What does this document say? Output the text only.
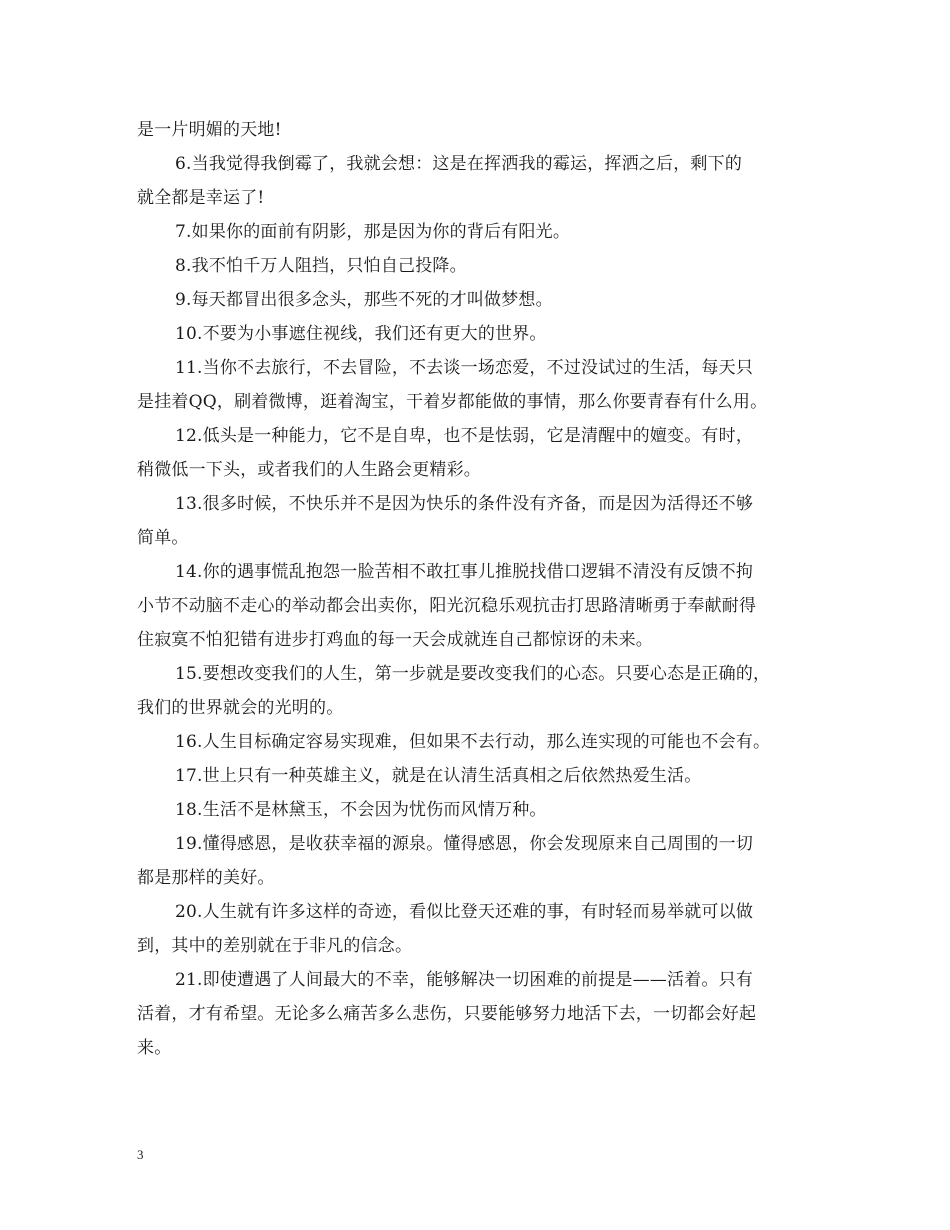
是一片明媚的天地!
6.当我觉得我倒霉了，我就会想：这是在挥洒我的霉运，挥洒之后，剩下的
就全都是幸运了!
7.如果你的面前有阴影，那是因为你的背后有阳光。
8.我不怕千万人阻挡，只怕自己投降。
9.每天都冒出很多念头，那些不死的才叫做梦想。
10.不要为小事遮住视线，我们还有更大的世界。
11.当你不去旅行，不去冒险，不去谈一场恋爱，不过没试过的生活，每天只
是挂着QQ，刷着微博，逛着淘宝，干着岁都能做的事情，那么你要青春有什么用。
12.低头是一种能力，它不是自卑，也不是怯弱，它是清醒中的嬗变。有时，
稍微低一下头，或者我们的人生路会更精彩。
13.很多时候，不快乐并不是因为快乐的条件没有齐备，而是因为活得还不够
简单。
14.你的遇事慌乱抱怨一脸苦相不敢扛事儿推脱找借口逻辑不清没有反馈不拘
小节不动脑不走心的举动都会出卖你，阳光沉稳乐观抗击打思路清晰勇于奉献耐得
住寂寞不怕犯错有进步打鸡血的每一天会成就连自己都惊讶的未来。
15.要想改变我们的人生，第一步就是要改变我们的心态。只要心态是正确的，
我们的世界就会的光明的。
16.人生目标确定容易实现难，但如果不去行动，那么连实现的可能也不会有。
17.世上只有一种英雄主义，就是在认清生活真相之后依然热爱生活。
18.生活不是林黛玉，不会因为忧伤而风情万种。
19.懂得感恩，是收获幸福的源泉。懂得感恩，你会发现原来自己周围的一切
都是那样的美好。
20.人生就有许多这样的奇迹，看似比登天还难的事，有时轻而易举就可以做
到，其中的差别就在于非凡的信念。
21.即使遭遇了人间最大的不幸，能够解决一切困难的前提是——活着。只有
活着，才有希望。无论多么痛苦多么悲伤，只要能够努力地活下去，一切都会好起
来。
3
